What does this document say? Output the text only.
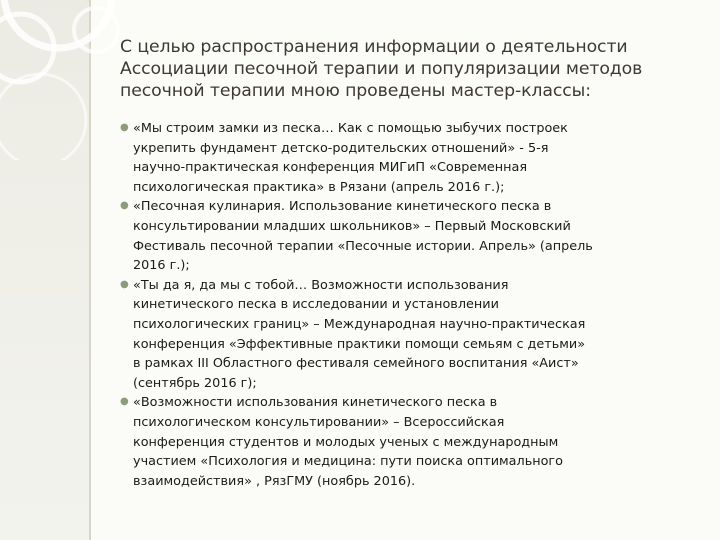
С целью распространения информации о деятельности
Ассоциации песочной терапии и популяризации методов
песочной терапии мною проведены мастер-классы:
● «Мы строим замки из песка… Как с помощью зыбучих построек
укрепить фундамент детско-родительских отношений» - 5-я
научно-практическая конференция МИГиП «Современная
психологическая практика» в Рязани (апрель 2016 г.);
● «Песочная кулинария. Использование кинетического песка в
консультировании младших школьников» – Первый Московский
Фестиваль песочной терапии «Песочные истории. Апрель» (апрель
2016 г.);
● «Ты да я, да мы с тобой… Возможности использования
кинетического песка в исследовании и установлении
психологических границ» – Международная научно-практическая
конференция «Эффективные практики помощи семьям с детьми»
в рамках III Областного фестиваля семейного воспитания «Аист»
(сентябрь 2016 г);
● «Возможности использования кинетического песка в
психологическом консультировании» – Всероссийская
конференция студентов и молодых ученых с международным
участием «Психология и медицина: пути поиска оптимального
взаимодействия» , РязГМУ (ноябрь 2016).
